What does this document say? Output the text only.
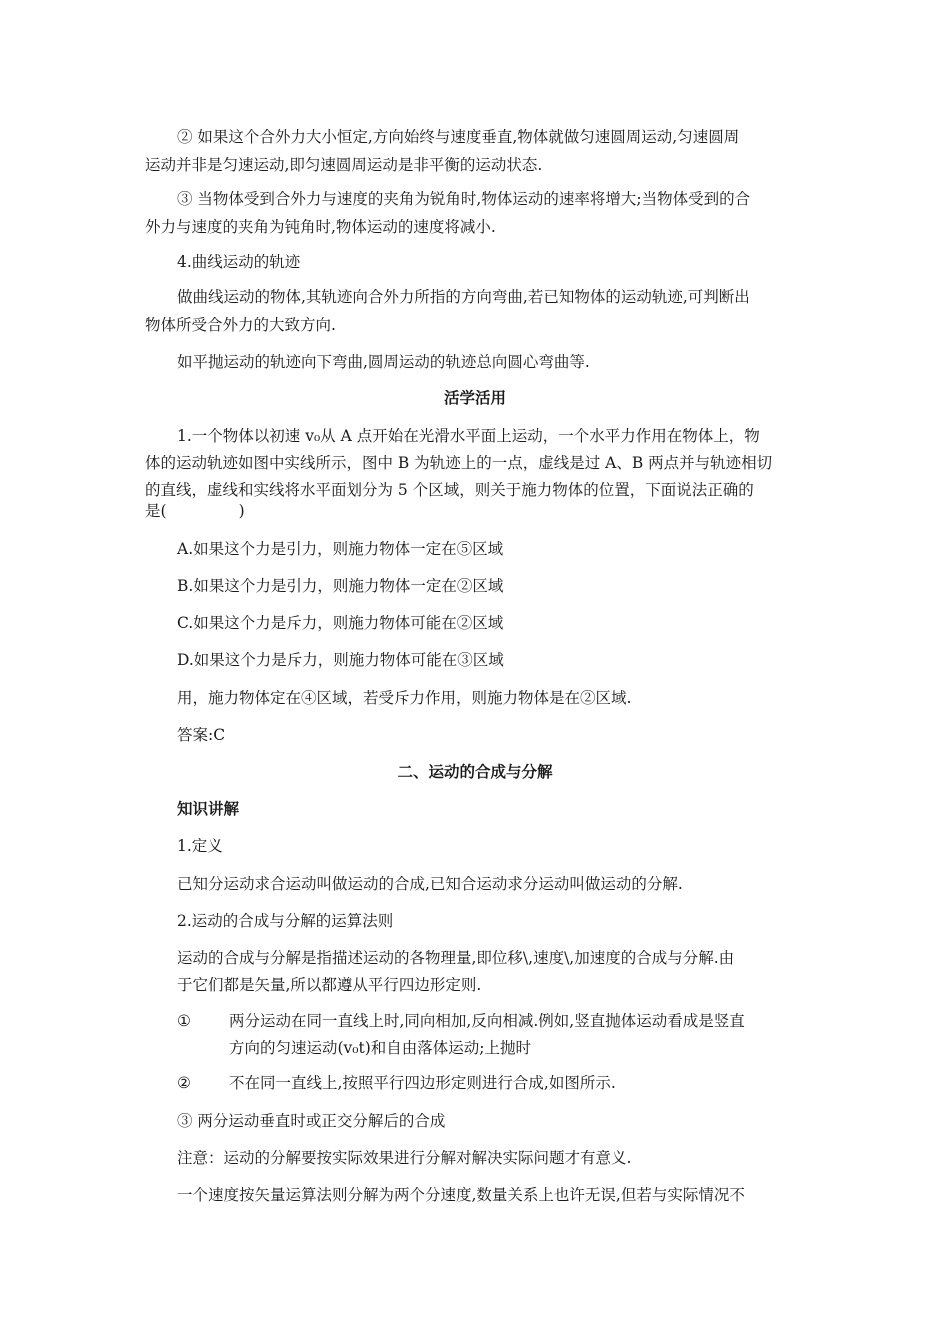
② 如果这个合外力大小恒定,方向始终与速度垂直,物体就做匀速圆周运动,匀速圆周
运动并非是匀速运动,即匀速圆周运动是非平衡的运动状态.
③ 当物体受到合外力与速度的夹角为锐角时,物体运动的速率将增大;当物体受到的合
外力与速度的夹角为钝角时,物体运动的速度将减小.
4.曲线运动的轨迹
做曲线运动的物体,其轨迹向合外力所指的方向弯曲,若已知物体的运动轨迹,可判断出
物体所受合外力的大致方向.
如平抛运动的轨迹向下弯曲,圆周运动的轨迹总向圆心弯曲等.
活学活用
1.一个物体以初速 v₀从 A 点开始在光滑水平面上运动，一个水平力作用在物体上，物
体的运动轨迹如图中实线所示，图中 B 为轨迹上的一点，虚线是过 A、B 两点并与轨迹相切
的直线，虚线和实线将水平面划分为 5 个区域，则关于施力物体的位置，下面说法正确的
是(	)
A.如果这个力是引力，则施力物体一定在⑤区域
B.如果这个力是引力，则施力物体一定在②区域
C.如果这个力是斥力，则施力物体可能在②区域
D.如果这个力是斥力，则施力物体可能在③区域
用，施力物体定在④区域，若受斥力作用，则施力物体是在②区域.
答案:C
二、运动的合成与分解
知识讲解
1.定义
已知分运动求合运动叫做运动的合成,已知合运动求分运动叫做运动的分解.
2.运动的合成与分解的运算法则
运动的合成与分解是指描述运动的各物理量,即位移\,速度\,加速度的合成与分解.由
于它们都是矢量,所以都遵从平行四边形定则.
① 两分运动在同一直线上时,同向相加,反向相减.例如,竖直抛体运动看成是竖直
方向的匀速运动(v₀t)和自由落体运动;上抛时
② 不在同一直线上,按照平行四边形定则进行合成,如图所示.
③ 两分运动垂直时或正交分解后的合成
注意：运动的分解要按实际效果进行分解对解决实际问题才有意义.
一个速度按矢量运算法则分解为两个分速度,数量关系上也许无误,但若与实际情况不
